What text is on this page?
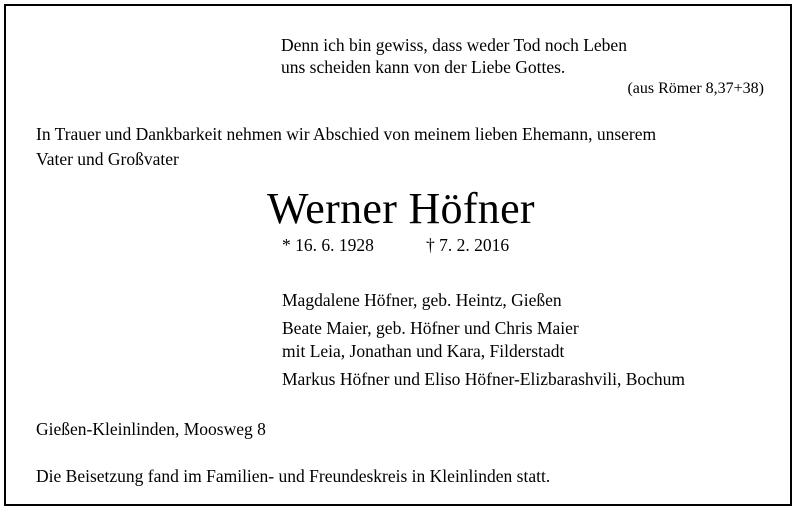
Denn ich bin gewiss, dass weder Tod noch Leben
uns scheiden kann von der Liebe Gottes.
(aus Römer 8,37+38)
In Trauer und Dankbarkeit nehmen wir Abschied von meinem lieben Ehemann, unserem
Vater und Großvater
Werner Höfner
* 16. 6. 1928	† 7. 2. 2016
Magdalene Höfner, geb. Heintz, Gießen
Beate Maier, geb. Höfner und Chris Maier
mit Leia, Jonathan und Kara, Filderstadt
Markus Höfner und Eliso Höfner-Elizbarashvili, Bochum
Gießen-Kleinlinden, Moosweg 8
Die Beisetzung fand im Familien- und Freundeskreis in Kleinlinden statt.
